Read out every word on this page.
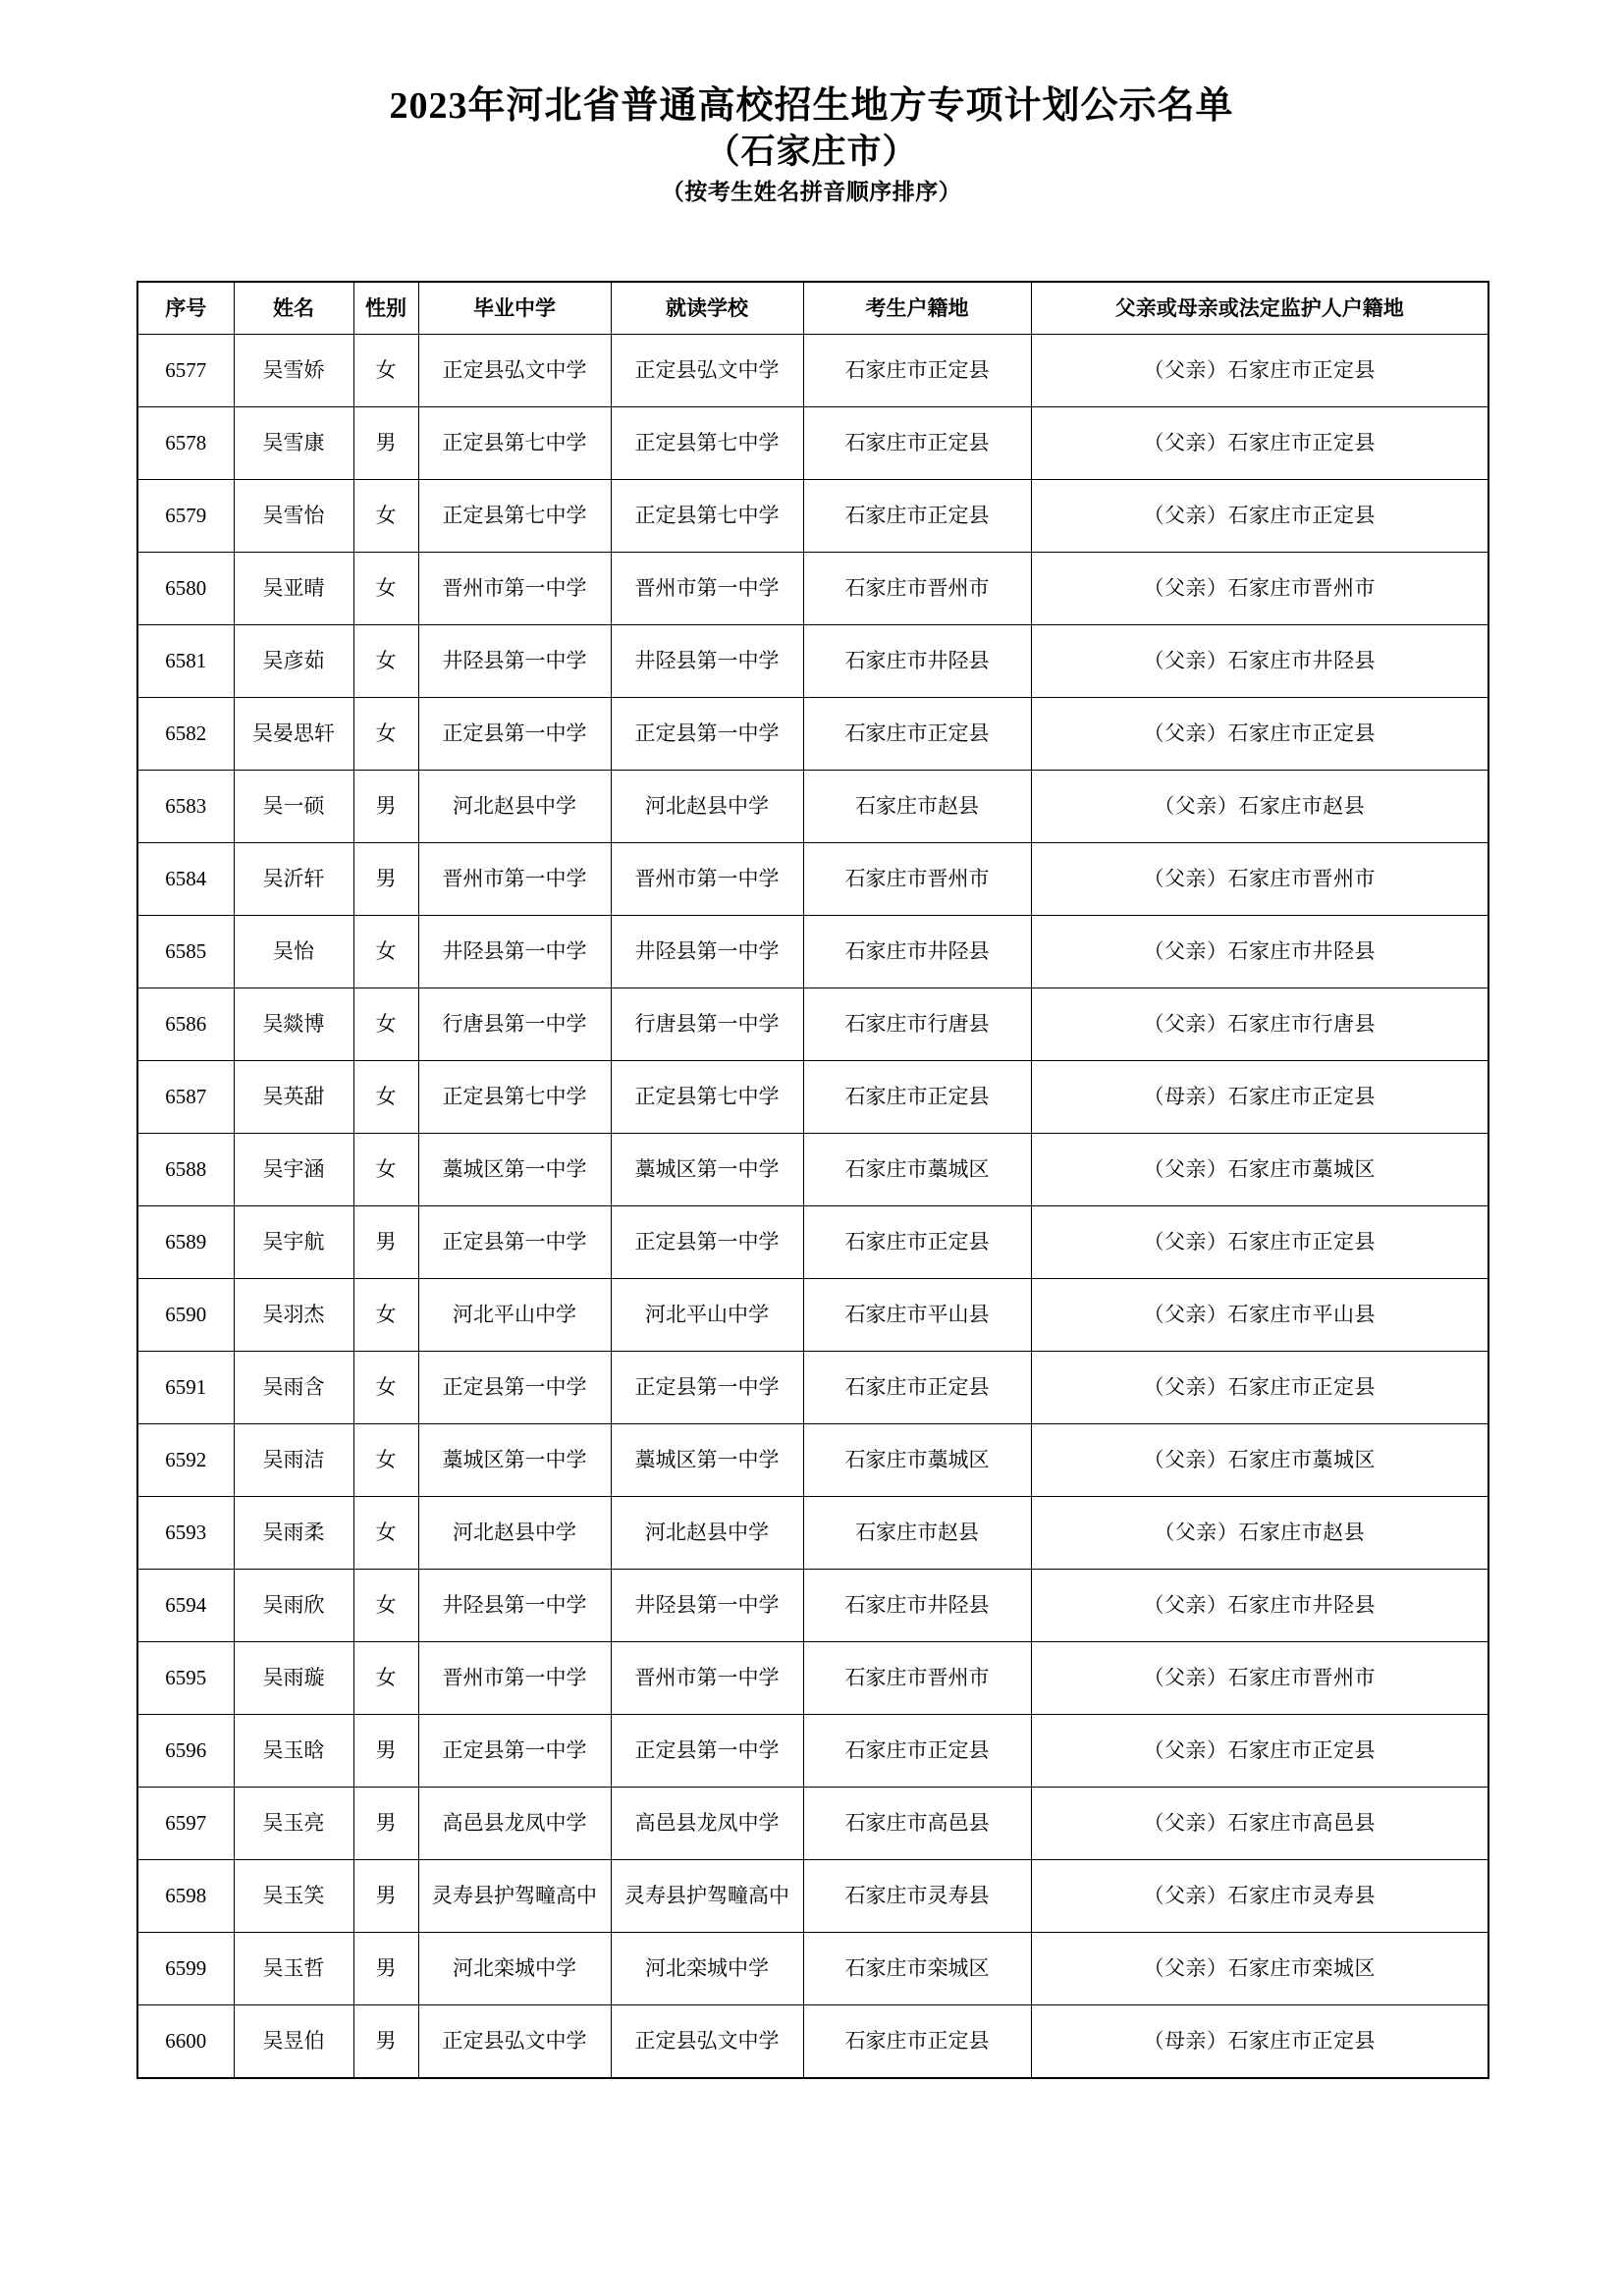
2023年河北省普通高校招生地方专项计划公示名单
（石家庄市）
（按考生姓名拼音顺序排序）
序号	姓名	性别	毕业中学	就读学校	考生户籍地	父亲或母亲或法定监护人户籍地
6577	吴雪娇	女	正定县弘文中学	正定县弘文中学	石家庄市正定县	（父亲）石家庄市正定县
6578	吴雪康	男	正定县第七中学	正定县第七中学	石家庄市正定县	（父亲）石家庄市正定县
6579	吴雪怡	女	正定县第七中学	正定县第七中学	石家庄市正定县	（父亲）石家庄市正定县
6580	吴亚晴	女	晋州市第一中学	晋州市第一中学	石家庄市晋州市	（父亲）石家庄市晋州市
6581	吴彦茹	女	井陉县第一中学	井陉县第一中学	石家庄市井陉县	（父亲）石家庄市井陉县
6582	吴晏思轩	女	正定县第一中学	正定县第一中学	石家庄市正定县	（父亲）石家庄市正定县
6583	吴一硕	男	河北赵县中学	河北赵县中学	石家庄市赵县	（父亲）石家庄市赵县
6584	吴沂轩	男	晋州市第一中学	晋州市第一中学	石家庄市晋州市	（父亲）石家庄市晋州市
6585	吴怡	女	井陉县第一中学	井陉县第一中学	石家庄市井陉县	（父亲）石家庄市井陉县
6586	吴燚博	女	行唐县第一中学	行唐县第一中学	石家庄市行唐县	（父亲）石家庄市行唐县
6587	吴英甜	女	正定县第七中学	正定县第七中学	石家庄市正定县	（母亲）石家庄市正定县
6588	吴宇涵	女	藁城区第一中学	藁城区第一中学	石家庄市藁城区	（父亲）石家庄市藁城区
6589	吴宇航	男	正定县第一中学	正定县第一中学	石家庄市正定县	（父亲）石家庄市正定县
6590	吴羽杰	女	河北平山中学	河北平山中学	石家庄市平山县	（父亲）石家庄市平山县
6591	吴雨含	女	正定县第一中学	正定县第一中学	石家庄市正定县	（父亲）石家庄市正定县
6592	吴雨洁	女	藁城区第一中学	藁城区第一中学	石家庄市藁城区	（父亲）石家庄市藁城区
6593	吴雨柔	女	河北赵县中学	河北赵县中学	石家庄市赵县	（父亲）石家庄市赵县
6594	吴雨欣	女	井陉县第一中学	井陉县第一中学	石家庄市井陉县	（父亲）石家庄市井陉县
6595	吴雨璇	女	晋州市第一中学	晋州市第一中学	石家庄市晋州市	（父亲）石家庄市晋州市
6596	吴玉晗	男	正定县第一中学	正定县第一中学	石家庄市正定县	（父亲）石家庄市正定县
6597	吴玉亮	男	高邑县龙凤中学	高邑县龙凤中学	石家庄市高邑县	（父亲）石家庄市高邑县
6598	吴玉笑	男	灵寿县护驾疃高中	灵寿县护驾疃高中	石家庄市灵寿县	（父亲）石家庄市灵寿县
6599	吴玉哲	男	河北栾城中学	河北栾城中学	石家庄市栾城区	（父亲）石家庄市栾城区
6600	吴昱伯	男	正定县弘文中学	正定县弘文中学	石家庄市正定县	（母亲）石家庄市正定县
